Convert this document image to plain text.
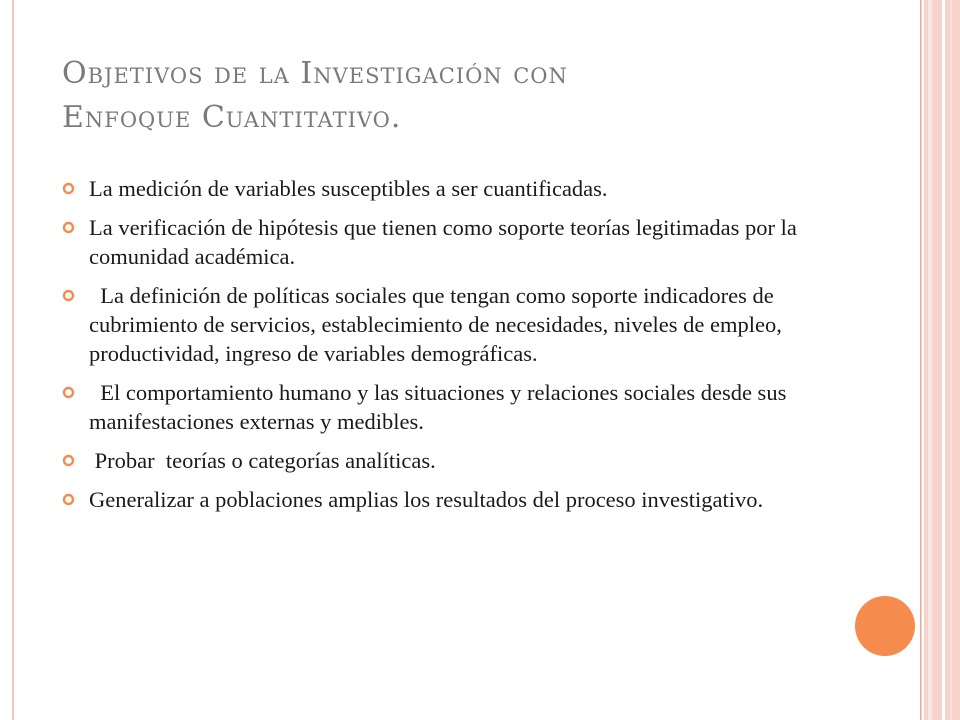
Objetivos de la Investigación con
Enfoque Cuantitativo.
La medición de variables susceptibles a ser cuantificadas.
La verificación de hipótesis que tienen como soporte teorías legitimadas por la comunidad académica.
La definición de políticas sociales que tengan como soporte indicadores de cubrimiento de servicios, establecimiento de necesidades, niveles de empleo, productividad, ingreso de variables demográficas.
El comportamiento humano y las situaciones y relaciones sociales desde sus manifestaciones externas y medibles.
Probar  teorías o categorías analíticas.
Generalizar a poblaciones amplias los resultados del proceso investigativo.
